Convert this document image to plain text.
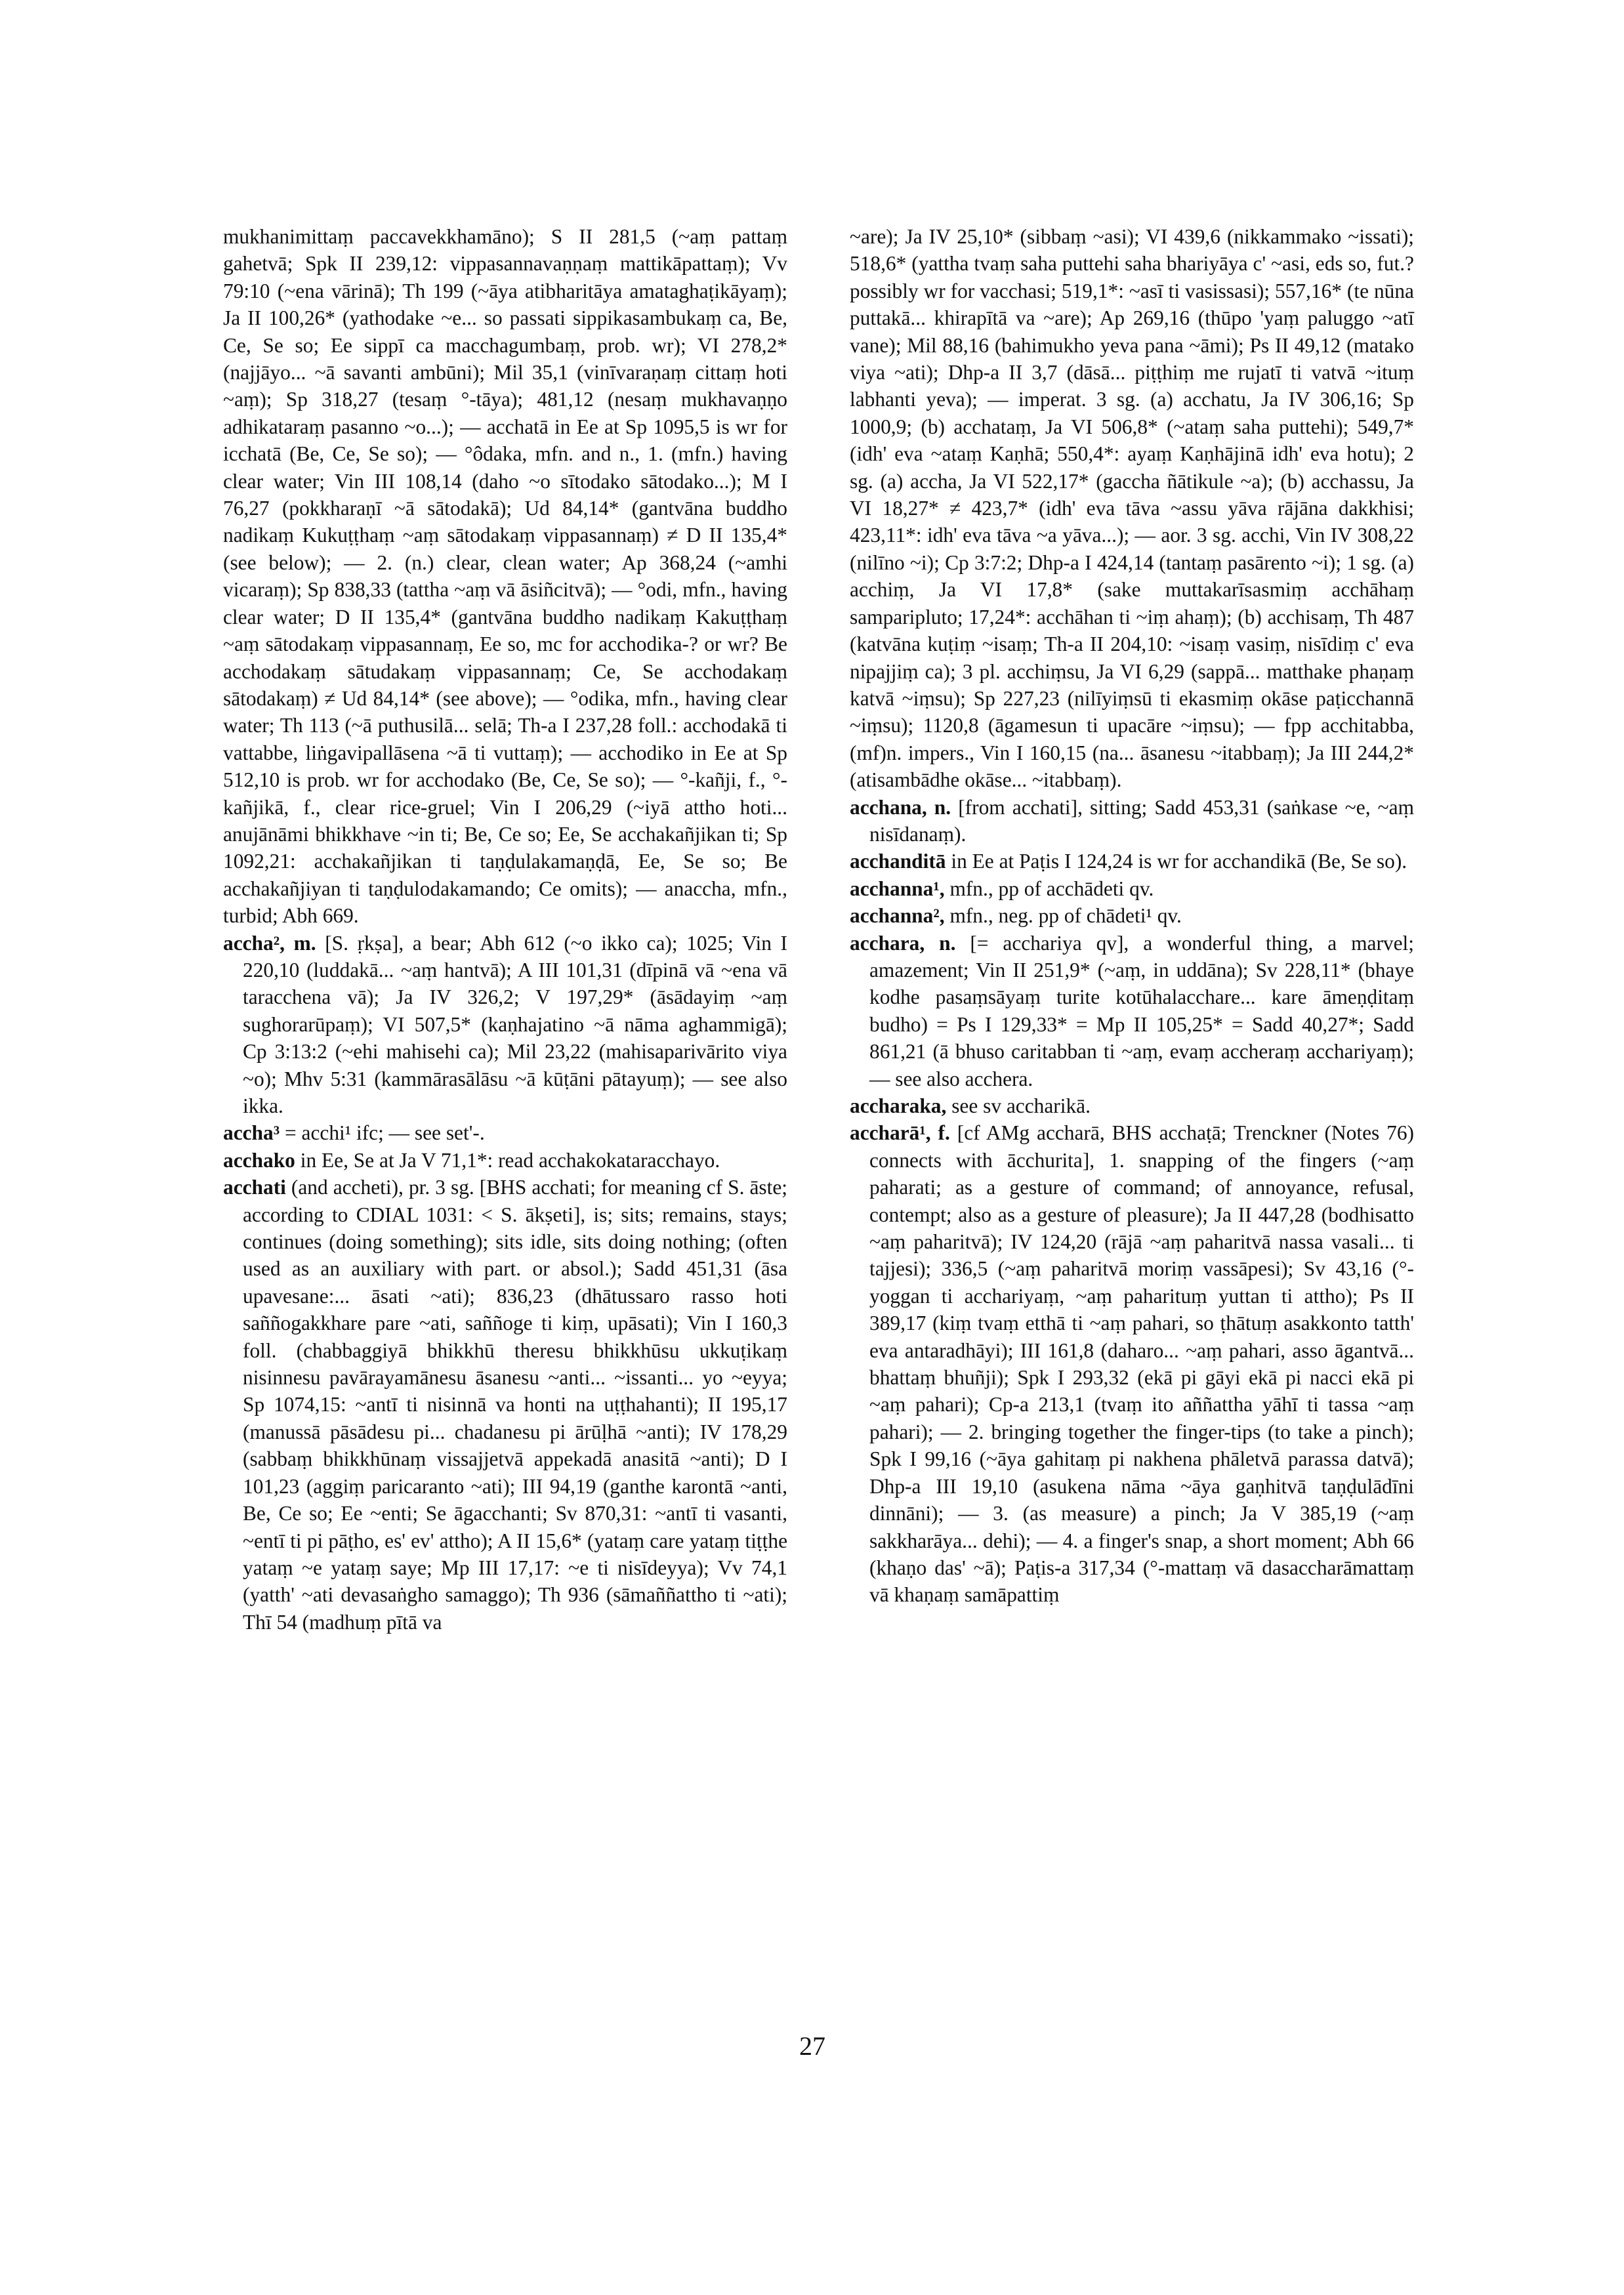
mukhanimittaṃ paccavekkhamāno); S II 281,5 (~aṃ pattaṃ gahetvā; Spk II 239,12: vippasannavaṇṇaṃ mattikāpattaṃ); Vv 79:10 (~ena vārinā); Th 199 (~āya atibharitāya amataghaṭikāyaṃ); Ja II 100,26* (yathodake ~e... so passati sippikasambukaṃ ca, Be, Ce, Se so; Ee sippī ca macchagumbaṃ, prob. wr); VI 278,2* (najjāyo... ~ā savanti ambūni); Mil 35,1 (vinīvaraṇaṃ cittaṃ hoti ~aṃ); Sp 318,27 (tesaṃ °-tāya); 481,12 (nesaṃ mukhavaṇṇo adhikataraṃ pasanno ~o...); — acchatā in Ee at Sp 1095,5 is wr for icchatā (Be, Ce, Se so); — °ôdaka, mfn. and n., 1. (mfn.) having clear water; Vin III 108,14 (daho ~o sītodako sātodako...); M I 76,27 (pokkharaṇī ~ā sātodakā); Ud 84,14* (gantvāna buddho nadikaṃ Kukuṭṭhaṃ ~aṃ sātodakaṃ vippasannaṃ) ≠ D II 135,4* (see below); — 2. (n.) clear, clean water; Ap 368,24 (~amhi vicaraṃ); Sp 838,33 (tattha ~aṃ vā āsiñcitvā); — °odi, mfn., having clear water; D II 135,4* (gantvāna buddho nadikaṃ Kakuṭṭhaṃ ~aṃ sātodakaṃ vippasannaṃ, Ee so, mc for acchodika-? or wr? Be acchodakaṃ sātudakaṃ vippasannaṃ; Ce, Se acchodakaṃ sātodakaṃ) ≠ Ud 84,14* (see above); — °odika, mfn., having clear water; Th 113 (~ā puthusilā... selā; Th-a I 237,28 foll.: acchodakā ti vattabbe, liṅgavipallāsena ~ā ti vuttaṃ); — acchodiko in Ee at Sp 512,10 is prob. wr for acchodako (Be, Ce, Se so); — °-kañji, f., °-kañjikā, f., clear rice-gruel; Vin I 206,29 (~iyā attho hoti... anujānāmi bhikkhave ~in ti; Be, Ce so; Ee, Se acchakañjikan ti; Sp 1092,21: acchakañjikan ti taṇḍulakamaṇḍā, Ee, Se so; Be acchakañjiyan ti taṇḍulodakamando; Ce omits); — anaccha, mfn., turbid; Abh 669.

accha², m. [S. ṛkṣa], a bear; Abh 612 (~o ikko ca); 1025; Vin I 220,10 (luddakā... ~aṃ hantvā); A III 101,31 (dīpinā vā ~ena vā taracchena vā); Ja IV 326,2; V 197,29* (āsādayiṃ ~aṃ sughorarūpaṃ); VI 507,5* (kaṇhajatino ~ā nāma aghammigā); Cp 3:13:2 (~ehi mahisehi ca); Mil 23,22 (mahisaparivārito viya ~o); Mhv 5:31 (kammārasālāsu ~ā kūṭāni pātayuṃ); — see also ikka.

accha³ = acchi¹ ifc; — see set'-.

acchako in Ee, Se at Ja V 71,1*: read acchakokataracchayo.

acchati (and accheti), pr. 3 sg. [BHS acchati; for meaning cf S. āste; according to CDIAL 1031: < S. ākṣeti], is; sits; remains, stays; continues (doing something); sits idle, sits doing nothing; (often used as an auxiliary with part. or absol.); Sadd 451,31 (āsa upavesane:... āsati ~ati); 836,23 (dhātussaro rasso hoti saññogakkhare pare ~ati, saññoge ti kiṃ, upāsati); Vin I 160,3 foll. (chabbaggiyā bhikkhū theresu bhikkhūsu ukkuṭikaṃ nisinnesu pavārayamānesu āsanesu ~anti... ~issanti... yo ~eyya; Sp 1074,15: ~antī ti nisinnā va honti na uṭṭhahanti); II 195,17 (manussā pāsādesu pi... chadanesu pi ārūḷhā ~anti); IV 178,29 (sabbaṃ bhikkhūnaṃ vissajjetvā appekadā anasitā ~anti); D I 101,23 (aggiṃ paricaranto ~ati); III 94,19 (ganthe karontā ~anti, Be, Ce so; Ee ~enti; Se āgacchanti; Sv 870,31: ~antī ti vasanti, ~entī ti pi pāṭho, es' ev' attho); A II 15,6* (yataṃ care yataṃ tiṭṭhe yataṃ ~e yataṃ saye; Mp III 17,17: ~e ti nisīdeyya); Vv 74,1 (yatth' ~ati devasaṅgho samaggo); Th 936 (sāmaññattho ti ~ati); Thī 54 (madhuṃ pītā va

~are); Ja IV 25,10* (sibbaṃ ~asi); VI 439,6 (nikkammako ~issati); 518,6* (yattha tvaṃ saha puttehi saha bhariyāya c' ~asi, eds so, fut.? possibly wr for vacchasi; 519,1*: ~asī ti vasissasi); 557,16* (te nūna puttakā... khirapītā va ~are); Ap 269,16 (thūpo 'yaṃ paluggo ~atī vane); Mil 88,16 (bahimukho yeva pana ~āmi); Ps II 49,12 (matako viya ~ati); Dhp-a II 3,7 (dāsā... piṭṭhiṃ me rujatī ti vatvā ~ituṃ labhanti yeva); — imperat. 3 sg. (a) acchatu, Ja IV 306,16; Sp 1000,9; (b) acchataṃ, Ja VI 506,8* (~ataṃ saha puttehi); 549,7* (idh' eva ~ataṃ Kaṇhā; 550,4*: ayaṃ Kaṇhājinā idh' eva hotu); 2 sg. (a) accha, Ja VI 522,17* (gaccha ñātikule ~a); (b) acchassu, Ja VI 18,27* ≠ 423,7* (idh' eva tāva ~assu yāva rājāna dakkhisi; 423,11*: idh' eva tāva ~a yāva...); — aor. 3 sg. acchi, Vin IV 308,22 (nilīno ~i); Cp 3:7:2; Dhp-a I 424,14 (tantaṃ pasārento ~i); 1 sg. (a) acchiṃ, Ja VI 17,8* (sake muttakarīsasmiṃ acchāhaṃ sampariplutо; 17,24*: acchāhan ti ~iṃ ahaṃ); (b) acchisaṃ, Th 487 (katvāna kuṭiṃ ~isaṃ; Th-a II 204,10: ~isaṃ vasiṃ, nisīdiṃ c' eva nipajjiṃ ca); 3 pl. acchiṃsu, Ja VI 6,29 (sappā... matthake phaṇaṃ katvā ~iṃsu); Sp 227,23 (nilīyiṃsū ti ekasmiṃ okāse paṭicchannā ~iṃsu); 1120,8 (āgamesun ti upacāre ~iṃsu); — fpp acchitabba, (mf)n. impers., Vin I 160,15 (na... āsanesu ~itabbaṃ); Ja III 244,2* (atisambādhe okāse... ~itabbaṃ).

acchana, n. [from acchati], sitting; Sadd 453,31 (saṅkase ~e, ~aṃ nisīdanaṃ).

acchanditā in Ee at Paṭis I 124,24 is wr for acchandikā (Be, Se so).

acchanna¹, mfn., pp of acchādeti qv.

acchanna², mfn., neg. pp of chādeti¹ qv.

acchara, n. [= acchariya qv], a wonderful thing, a marvel; amazement; Vin II 251,9* (~aṃ, in uddāna); Sv 228,11* (bhaye kodhe pasaṃsāyaṃ turite kotūhalacchare... kare āmeṇḍitaṃ budho) = Ps I 129,33* = Mp II 105,25* = Sadd 40,27*; Sadd 861,21 (ā bhuso caritabban ti ~aṃ, evaṃ accheraṃ acchariyaṃ); — see also acchera.

accharaka, see sv accharikā.

accharā¹, f. [cf AMg accharā, BHS acchaṭā; Trenckner (Notes 76) connects with ācchurita], 1. snapping of the fingers (~aṃ paharati; as a gesture of command; of annoyance, refusal, contempt; also as a gesture of pleasure); Ja II 447,28 (bodhisatto ~aṃ paharitvā); IV 124,20 (rājā ~aṃ paharitvā nassa vasali... ti tajjesi); 336,5 (~aṃ paharitvā moriṃ vassāpesi); Sv 43,16 (°-yoggan ti acchariyaṃ, ~aṃ paharituṃ yuttan ti attho); Ps II 389,17 (kiṃ tvaṃ etthā ti ~aṃ pahari, so ṭhātuṃ asakkonto tatth' eva antaradhāyi); III 161,8 (daharo... ~aṃ pahari, asso āgantvā... bhattaṃ bhuñji); Spk I 293,32 (ekā pi gāyi ekā pi nacci ekā pi ~aṃ pahari); Cp-a 213,1 (tvaṃ ito aññattha yāhī ti tassa ~aṃ pahari); — 2. bringing together the finger-tips (to take a pinch); Spk I 99,16 (~āya gahitaṃ pi nakhena phāletvā parassa datvā); Dhp-a III 19,10 (asukena nāma ~āya gaṇhitvā taṇḍulādīni dinnāni); — 3. (as measure) a pinch; Ja V 385,19 (~aṃ sakkharāya... dehi); — 4. a finger's snap, a short moment; Abh 66 (khaṇo das' ~ā); Paṭis-a 317,34 (°-mattaṃ vā dasaccharāmattaṃ vā khaṇaṃ samāpattiṃ

27
